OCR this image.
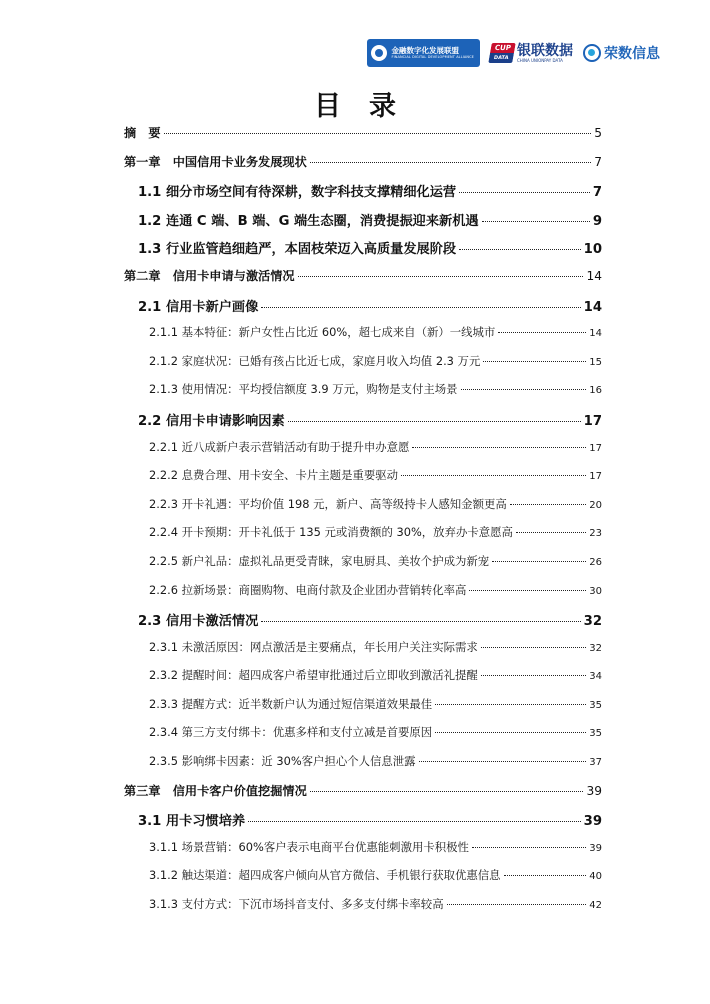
金融数字化发展联盟
FINANCIAL DIGITAL DEVELOPMENT ALLIANCE
CUP
DATA 银联数据
CHINA UNIONPAY DATA	荣数信息
目录
摘　要	5
第一章　中国信用卡业务发展现状	7
1.1 细分市场空间有待深耕，数字科技支撑精细化运营	7
1.2 连通 C 端、B 端、G 端生态圈，消费提振迎来新机遇	9
1.3 行业监管趋细趋严，本固枝荣迈入高质量发展阶段	10
第二章　信用卡申请与激活情况	14
2.1 信用卡新户画像	14
2.1.1 基本特征：新户女性占比近 60%，超七成来自（新）一线城市	14
2.1.2 家庭状况：已婚有孩占比近七成，家庭月收入均值 2.3 万元	15
2.1.3 使用情况：平均授信额度 3.9 万元，购物是支付主场景	16
2.2 信用卡申请影响因素	17
2.2.1 近八成新户表示营销活动有助于提升申办意愿	17
2.2.2 息费合理、用卡安全、卡片主题是重要驱动	17
2.2.3 开卡礼遇：平均价值 198 元，新户、高等级持卡人感知金额更高	20
2.2.4 开卡预期：开卡礼低于 135 元或消费额的 30%，放弃办卡意愿高	23
2.2.5 新户礼品：虚拟礼品更受青睐，家电厨具、美妆个护成为新宠	26
2.2.6 拉新场景：商圈购物、电商付款及企业团办营销转化率高	30
2.3 信用卡激活情况	32
2.3.1 未激活原因：网点激活是主要痛点，年长用户关注实际需求	32
2.3.2 提醒时间：超四成客户希望审批通过后立即收到激活礼提醒	34
2.3.3 提醒方式：近半数新户认为通过短信渠道效果最佳	35
2.3.4 第三方支付绑卡：优惠多样和支付立减是首要原因	35
2.3.5 影响绑卡因素：近 30%客户担心个人信息泄露	37
第三章　信用卡客户价值挖掘情况	39
3.1 用卡习惯培养	39
3.1.1 场景营销：60%客户表示电商平台优惠能刺激用卡积极性	39
3.1.2 触达渠道：超四成客户倾向从官方微信、手机银行获取优惠信息	40
3.1.3 支付方式：下沉市场抖音支付、多多支付绑卡率较高	42
